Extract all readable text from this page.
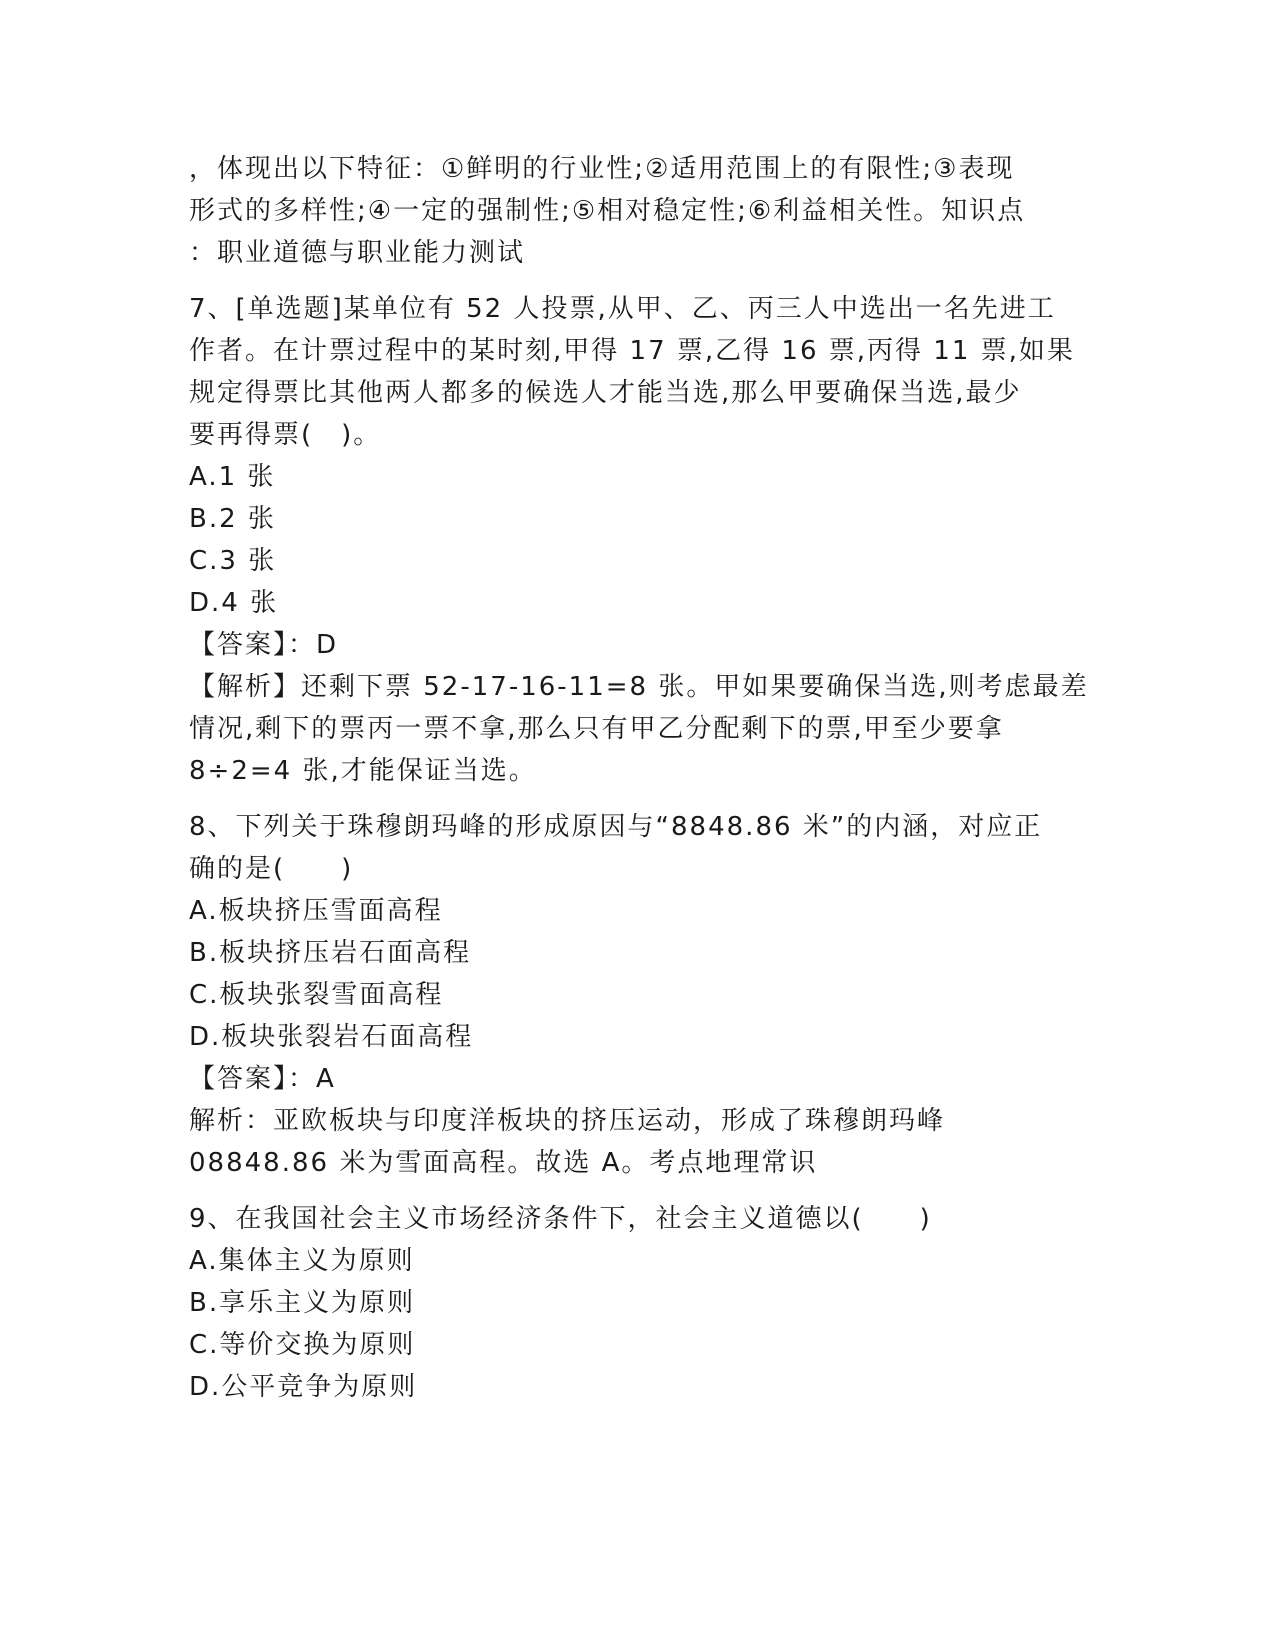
，体现出以下特征：①鲜明的行业性;②适用范围上的有限性;③表现
形式的多样性;④一定的强制性;⑤相对稳定性;⑥利益相关性。知识点
：职业道德与职业能力测试
7、[单选题]某单位有 52 人投票,从甲、乙、丙三人中选出一名先进工
作者。在计票过程中的某时刻,甲得 17 票,乙得 16 票,丙得 11 票,如果
规定得票比其他两人都多的候选人才能当选,那么甲要确保当选,最少
要再得票(　)。
A.1 张
B.2 张
C.3 张
D.4 张
【答案】：D
【解析】还剩下票 52-17-16-11=8 张。甲如果要确保当选,则考虑最差
情况,剩下的票丙一票不拿,那么只有甲乙分配剩下的票,甲至少要拿
8÷2=4 张,才能保证当选。
8、下列关于珠穆朗玛峰的形成原因与“8848.86 米”的内涵，对应正
确的是(　　)
A.板块挤压雪面高程
B.板块挤压岩石面高程
C.板块张裂雪面高程
D.板块张裂岩石面高程
【答案】：A
解析：亚欧板块与印度洋板块的挤压运动，形成了珠穆朗玛峰
08848.86 米为雪面高程。故选 A。考点地理常识
9、在我国社会主义市场经济条件下，社会主义道德以(　　)
A.集体主义为原则
B.享乐主义为原则
C.等价交换为原则
D.公平竞争为原则
